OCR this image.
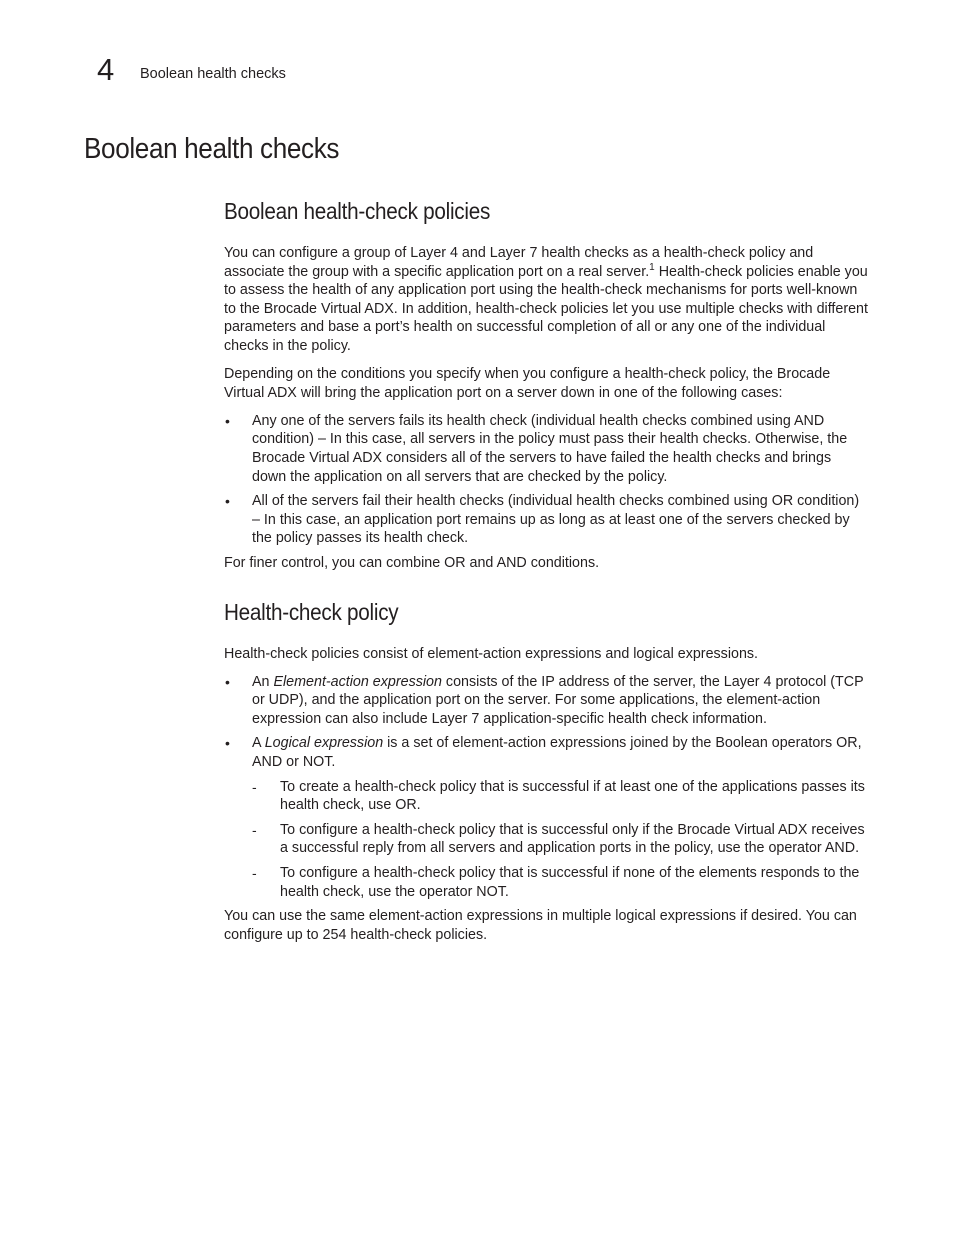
4 Boolean health checks
Boolean health checks
Boolean health-check policies

You can configure a group of Layer 4 and Layer 7 health checks as a health-check policy and associate the group with a specific application port on a real server.$^1$ Health-check policies enable you to assess the health of any application port using the health-check mechanisms for ports well-known to the Brocade Virtual ADX. In addition, health-check policies let you use multiple checks with different parameters and base a port’s health on successful completion of all or any one of the individual checks in the policy.

Depending on the conditions you specify when you configure a health-check policy, the Brocade Virtual ADX will bring the application port on a server down in one of the following cases:

• Any one of the servers fails its health check (individual health checks combined using AND condition) – In this case, all servers in the policy must pass their health checks. Otherwise, the Brocade Virtual ADX considers all of the servers to have failed the health checks and brings down the application on all servers that are checked by the policy.
• All of the servers fail their health checks (individual health checks combined using OR condition) – In this case, an application port remains up as long as at least one of the servers checked by the policy passes its health check.

For finer control, you can combine OR and AND conditions.

Health-check policy

Health-check policies consist of element-action expressions and logical expressions.

• An Element-action expression consists of the IP address of the server, the Layer 4 protocol (TCP or UDP), and the application port on the server. For some applications, the element-action expression can also include Layer 7 application-specific health check information.
• A Logical expression is a set of element-action expressions joined by the Boolean operators OR, AND or NOT.
- To create a health-check policy that is successful if at least one of the applications passes its health check, use OR.
- To configure a health-check policy that is successful only if the Brocade Virtual ADX receives a successful reply from all servers and application ports in the policy, use the operator AND.
- To configure a health-check policy that is successful if none of the elements responds to the health check, use the operator NOT.

You can use the same element-action expressions in multiple logical expressions if desired. You can configure up to 254 health-check policies.
